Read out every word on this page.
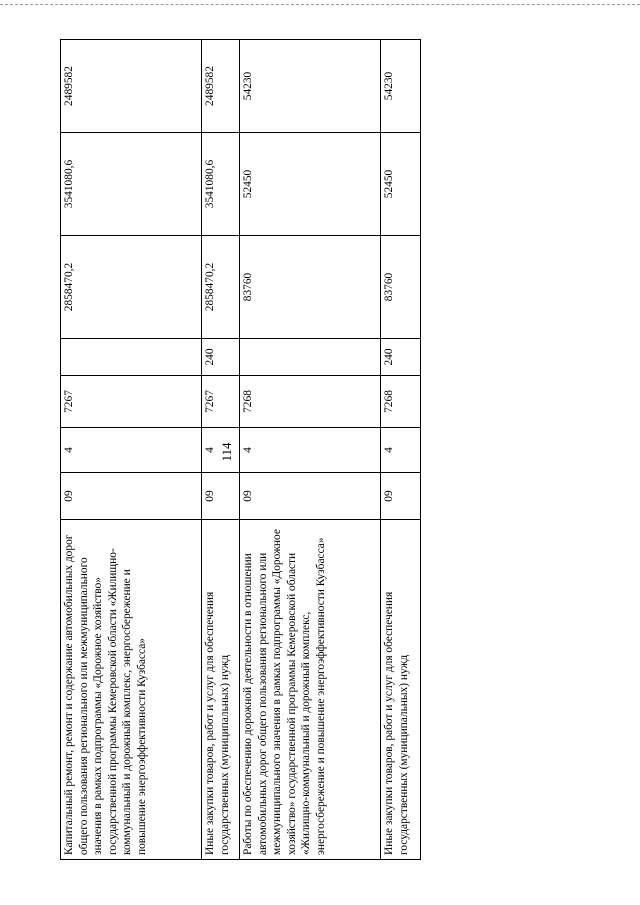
114
Капитальный ремонт, ремонт и содержание автомобильных дорог общего пользования регионального или межмуниципального значения в рамках подпрограммы «Дорожное хозяйство» государственной программы Кемеровской области «Жилищно-коммунальный и дорожный комплекс, энергосбережение и повышение энергоэффективности Кузбасса»	09	4	7267		2858470,2	3541080,6	2489582
Иные закупки товаров, работ и услуг для обеспечения государственных (муниципальных) нужд	09	4	7267	240	2858470,2	3541080,6	2489582
Работы по обеспечению дорожной деятельности в отношении автомобильных дорог общего пользования регионального или межмуниципального значения в рамках подпрограммы «Дорожное хозяйство» государственной программы Кемеровской области «Жилищно-коммунальный и дорожный комплекс, энергосбережение и повышение энергоэффективности Кузбасса»	09	4	7268		83760	52450	54230
Иные закупки товаров, работ и услуг для обеспечения государственных (муниципальных) нужд	09	4	7268	240	83760	52450	54230
